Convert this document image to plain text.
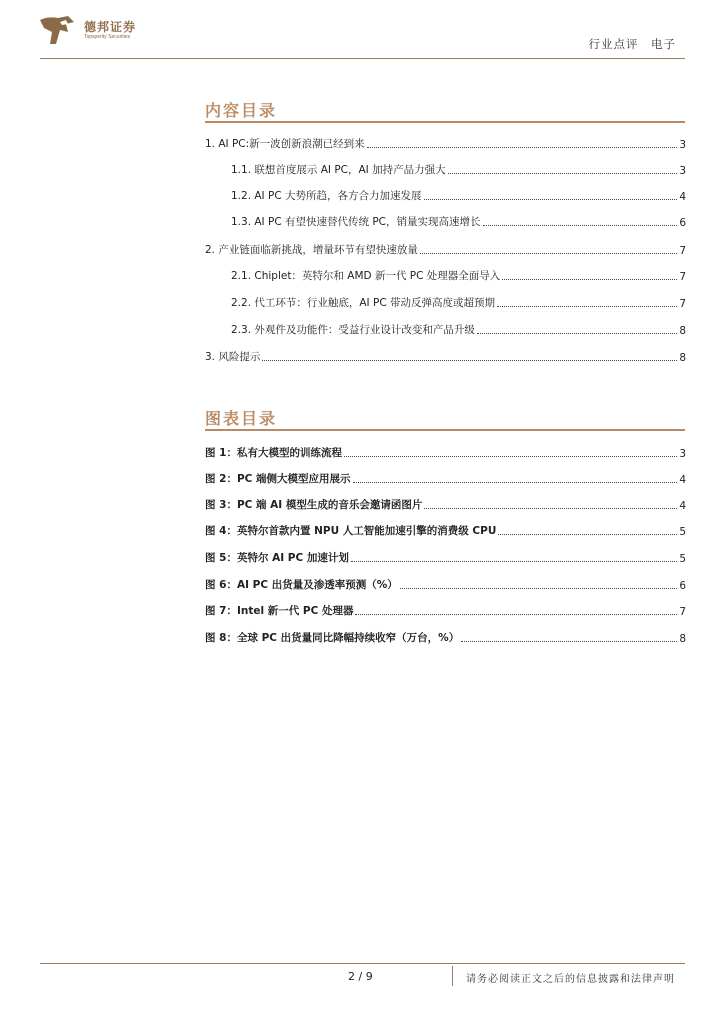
德邦证券
Topsperity Securities	行业点评　电子
内容目录
1. AI PC:新一波创新浪潮已经到来	3
1.1. 联想首度展示 AI PC，AI 加持产品力强大	3
1.2. AI PC 大势所趋，各方合力加速发展	4
1.3. AI PC 有望快速替代传统 PC，销量实现高速增长	6
2. 产业链面临新挑战，增量环节有望快速放量	7
2.1. Chiplet：英特尔和 AMD 新一代 PC 处理器全面导入	7
2.2. 代工环节：行业触底，AI PC 带动反弹高度或超预期	7
2.3. 外观件及功能件：受益行业设计改变和产品升级	8
3. 风险提示	8
图表目录
图 1：私有大模型的训练流程	3
图 2：PC 端侧大模型应用展示	4
图 3：PC 端 AI 模型生成的音乐会邀请函图片	4
图 4：英特尔首款内置 NPU 人工智能加速引擎的消费级 CPU	5
图 5：英特尔 AI PC 加速计划	5
图 6：AI PC 出货量及渗透率预测（%）	6
图 7：Intel 新一代 PC 处理器	7
图 8：全球 PC 出货量同比降幅持续收窄（万台，%）	8
2 / 9	请务必阅读正文之后的信息披露和法律声明
